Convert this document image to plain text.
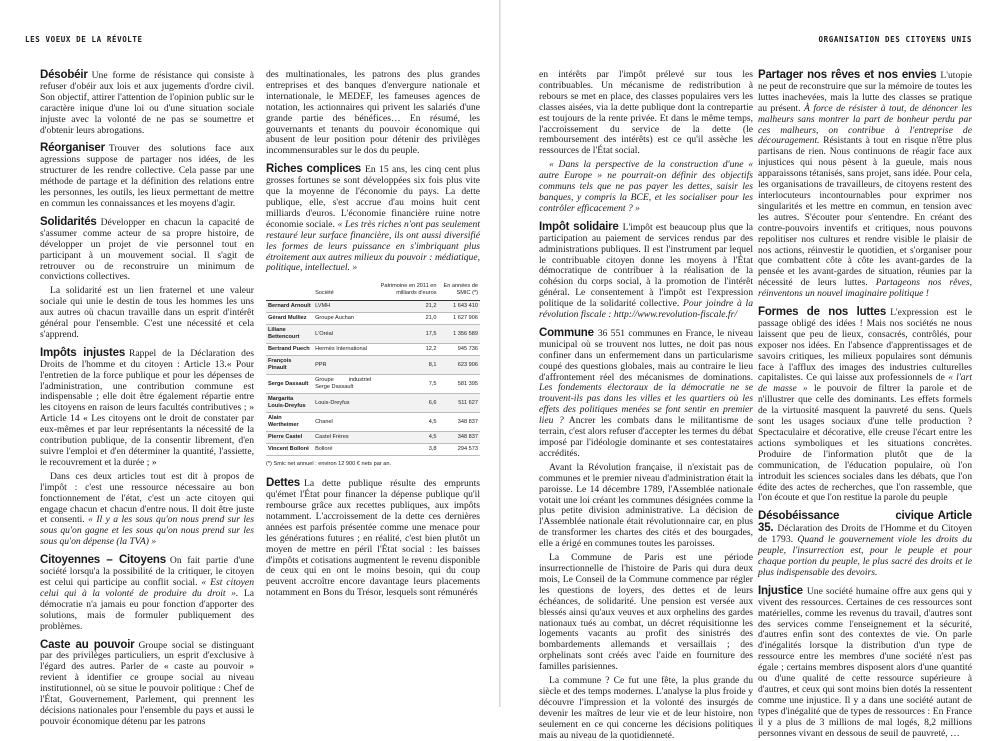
LES VOEUX DE LA RÉVOLTE

Désobéir Une forme de résistance qui consiste à refuser d'obéir aux lois et aux jugements d'ordre civil. Son objectif, attirer l'attention de l'opinion public sur le caractère inique d'une loi ou d'une situation sociale injuste avec la volonté de ne pas se soumettre et d'obtenir leurs abrogations.

Réorganiser Trouver des solutions face aux agressions suppose de partager nos idées, de les structurer de les rendre collective. Cela passe par une méthode de partage et la définition des relations entre les personnes, les outils, les lieux permettant de mettre en commun les connaissances et les moyens d'agir.

Solidarités Développer en chacun la capacité de s'assumer comme acteur de sa propre histoire, de développer un projet de vie personnel tout en participant à un mouvement social. Il s'agit de retrouver ou de reconstruire un minimum de convictions collectives.

La solidarité est un lien fraternel et une valeur sociale qui unie le destin de tous les hommes les uns aux autres où chacun travaille dans un esprit d'intérêt général pour l'ensemble. C'est une nécessité et cela s'apprend.

Impôts injustes Rappel de la Déclaration des Droits de l'homme et du citoyen : Article 13.« Pour l'entretien de la force publique et pour les dépenses de l'administration, une contribution commune est indispensable ; elle doit être également répartie entre les citoyens en raison de leurs facultés contributives ; » Article 14 « Les citoyens ont le droit de constater par eux-mêmes et par leur représentants la nécessité de la contribution publique, de la consentir librement, d'en suivre l'emploi et d'en déterminer la quantité, l'assiette, le recouvrement et la durée ; »

Dans ces deux articles tout est dit à propos de l'impôt : c'est une ressource nécessaire au bon fonctionnement de l'état, c'est un acte citoyen qui engage chacun et chacun d'entre nous. Il doit être juste et consenti. « Il y a les sous qu'on nous prend sur les sous qu'on gagne et les sous qu'on nous prend sur les sous qu'on dépense (la TVA) »

Citoyennes – Citoyens On fait partie d'une société lorsqu'a la possibilité de la critiquer, le citoyen est celui qui participe au conflit social. « Est citoyen celui qui à la volonté de produire du droit ». La démocratie n'a jamais eu pour fonction d'apporter des solutions, mais de formuler publiquement des problèmes.

Caste au pouvoir Groupe social se distinguant par des privilèges particuliers, un esprit d'exclusive à l'égard des autres. Parler de « caste au pouvoir » revient à identifier ce groupe social au niveau institutionnel, où se situe le pouvoir politique : Chef de l'État, Gouvernement, Parlement, qui prennent les décisions nationales pour l'ensemble du pays et aussi le pouvoir économique détenu par les patrons

des multinationales, les patrons des plus grandes entreprises et des banques d'envergure nationale et internationale, le MEDEF, les fameuses agences de notation, les actionnaires qui privent les salariés d'une grande partie des bénéfices… En résumé, les gouvernants et tenants du pouvoir économique qui abusent de leur position pour détenir des privilèges incommensurables sur le dos du peuple.

Riches complices En 15 ans, les cinq cent plus grosses fortunes se sont développées six fois plus vite que la moyenne de l'économie du pays. La dette publique, elle, s'est accrue d'au moins huit cent milliards d'euros. L'économie financière ruine notre économie sociale. « Les très riches n'ont pas seulement restauré leur surface financière, ils ont aussi diversifié les formes de leurs puissance en s'imbriquant plus étroitement aux autres milieux du pouvoir : médiatique, politique, intellectuel. »

	Société	Patrimoine en 2011 en milliards d'euros	En années de SMIC (*)
Bernard Arnoult	LVMH	21,2	1 643 410
Gérard Mulliez	Groupe Auchan	21,0	1 627 906
Liliane Bettencourt	L'Oréal	17,5	1 356 589
Bertrand Puech	Hermès International	12,2	945 736
François Pinault	PPR	8,1	623 906
Serge Dassault	Groupe industriel Serge Dassault	7,5	581 395
Margarita Louis-Dreyfus	Louis-Dreyfus	6,6	511 627
Alain Wertheimer	Chanel	4,5	348 837
Pierre Castel	Castel Frères	4,5	348 837
Vincent Bolloré	Bolloré	3,8	294 573
(*) Smic net annuel : environ 12 900 € nets par an.

Dettes La dette publique résulte des emprunts qu'émet l'État pour financer la dépense publique qu'il rembourse grâce aux recettes publiques, aux impôts notamment. L'accroissement de la dette ces dernières années est parfois présentée comme une menace pour les générations futures ; en réalité, c'est bien plutôt un moyen de mettre en péril l'État social : les baisses d'impôts et cotisations augmentent le revenu disponible de ceux qui en ont le moins besoin, qui du coup peuvent accroître encore davantage leurs placements notamment en Bons du Trésor, lesquels sont rémunérés

ORGANISATION DES CITOYENS UNIS

en intérêts par l'impôt prélevé sur tous les contribuables. Un mécanisme de redistribution à rebours se met en place, des classes populaires vers les classes aisées, via la dette publique dont la contrepartie est toujours de la rente privée. Et dans le même temps, l'accroissement du service de la dette (le remboursement des intérêts) est ce qu'il assèche les ressources de l'État social.

« Dans la perspective de la construction d'une « autre Europe » ne pourrait-on définir des objectifs communs tels que ne pas payer les dettes, saisir les banques, y compris la BCE, et les socialiser pour les contrôler efficacement ? »

Impôt solidaire L'impôt est beaucoup plus que la participation au paiement de services rendus par des administrations publiques. Il est l'instrument par lequel le contribuable citoyen donne les moyens à l'État démocratique de contribuer à la réalisation de la cohésion du corps social, à la promotion de l'intérêt général. Le consentement à l'impôt est l'expression politique de la solidarité collective. Pour joindre à la révolution fiscale : http://www.revolution-fiscale.fr/

Commune 36 551 communes en France, le niveau municipal où se trouvent nos luttes, ne doit pas nous confiner dans un enfermement dans un particularisme coupé des questions globales, mais au contraire le lieu d'affrontement réel des mécanismes de dominations. Les fondements électoraux de la démocratie ne se trouvent-ils pas dans les villes et les quartiers où les effets des politiques menées se font sentir en premier lieu ? Ancrer les combats dans le militantisme de terrain, c'est alors refuser d'accepter les termes du débat imposé par l'idéologie dominante et ses contestataires accrédités.

Avant la Révolution française, il n'existait pas de communes et le premier niveau d'administration était la paroisse. Le 14 décembre 1789, l'Assemblée nationale votait une loi créant les communes désignées comme la plus petite division administrative. La décision de l'Assemblée nationale était révolutionnaire car, en plus de transformer les chartes des cités et des bourgades, elle a érigé en communes toutes les paroisses.

La Commune de Paris est une période insurrectionnelle de l'histoire de Paris qui dura deux mois, Le Conseil de la Commune commence par régler les questions de loyers, des dettes et de leurs échéances, de solidarité. Une pension est versée aux blessés ainsi qu'aux veuves et aux orphelins des gardes nationaux tués au combat, un décret réquisitionne les logements vacants au profit des sinistrés des bombardements allemands et versaillais ; des orphelinats sont créés avec l'aide en fourniture des familles parisiennes.

La commune ? Ce fut une fête, la plus grande du siècle et des temps modernes. L'analyse la plus froide y découvre l'impression et la volonté des insurgés de devenir les maîtres de leur vie et de leur histoire, non seulement en ce qui concerne les décisions politiques mais au niveau de la quotidienneté.

Partager nos rêves et nos envies L'utopie ne peut de reconstruire que sur la mémoire de toutes les luttes inachevées, mais la lutte des classes se pratique au présent. À force de résister à tout, de dénoncer les malheurs sans montrer la part de bonheur perdu par ces malheurs, on contribue à l'entreprise de découragement. Résistants à tout en risque n'être plus partisans de rien. Nous continuons de réagir face aux injustices qui nous pèsent à la gueule, mais nous apparaissons tétanisés, sans projet, sans idée. Pour cela, les organisations de travailleurs, de citoyens restent des interlocuteurs incontournables pour exprimer nos singularités et les mettre en commun, en tension avec les autres. S'écouter pour s'entendre. En créant des contre-pouvoirs inventifs et critiques, nous pouvons repolitiser nos cultures et rendre visible le plaisir de nos actions, réinvestir le quotidien, et s'organiser pour que combattent côte à côte les avant-gardes de la pensée et les avant-gardes de situation, réunies par la nécessité de leurs luttes. Partageons nos rêves, réinventons un nouvel imaginaire politique !

Formes de nos luttes L'expression est le passage obligé des idées ! Mais nos sociétés ne nous laissent que peu de lieux, consacrés, contrôlés, pour exposer nos idées. En l'absence d'apprentissages et de savoirs critiques, les milieux populaires sont démunis face à l'afflux des images des industries culturelles capitalistes. Ce qui laisse aux professionnels de « l'art de masse » le pouvoir de filtrer la parole et de n'illustrer que celle des dominants. Les effets formels de la virtuosité masquent la pauvreté du sens. Quels sont les usages sociaux d'une telle production ? Spectaculaire et décorative, elle creuse l'écart entre les actions symboliques et les situations concrètes. Produire de l'information plutôt que de la communication, de l'éducation populaire, où l'on introduit les sciences sociales dans les débats, que l'on édite des actes de recherches, que l'on rassemble, que l'on écoute et que l'on restitue la parole du peuple

Désobéissance civique Article 35. Déclaration des Droits de l'Homme et du Citoyen de 1793. Quand le gouvernement viole les droits du peuple, l'insurrection est, pour le peuple et pour chaque portion du peuple, le plus sacré des droits et le plus indispensable des devoirs.

Injustice Une société humaine offre aux gens qui y vivent des ressources. Certaines de ces ressources sont matérielles, comme les revenus du travail, d'autres sont des services comme l'enseignement et la sécurité, d'autres enfin sont des contextes de vie. On parle d'inégalités lorsque la distribution d'un type de ressource entre les membres d'une société n'est pas égale ; certains membres disposent alors d'une quantité ou d'une qualité de cette ressource supérieure à d'autres, et ceux qui sont moins bien dotés la ressentent comme une injustice. Il y a dans une société autant de types d'inégalité que de types de ressources : En France il y a plus de 3 millions de mal logés, 8,2 millions personnes vivant en dessous de seuil de pauvreté, …
